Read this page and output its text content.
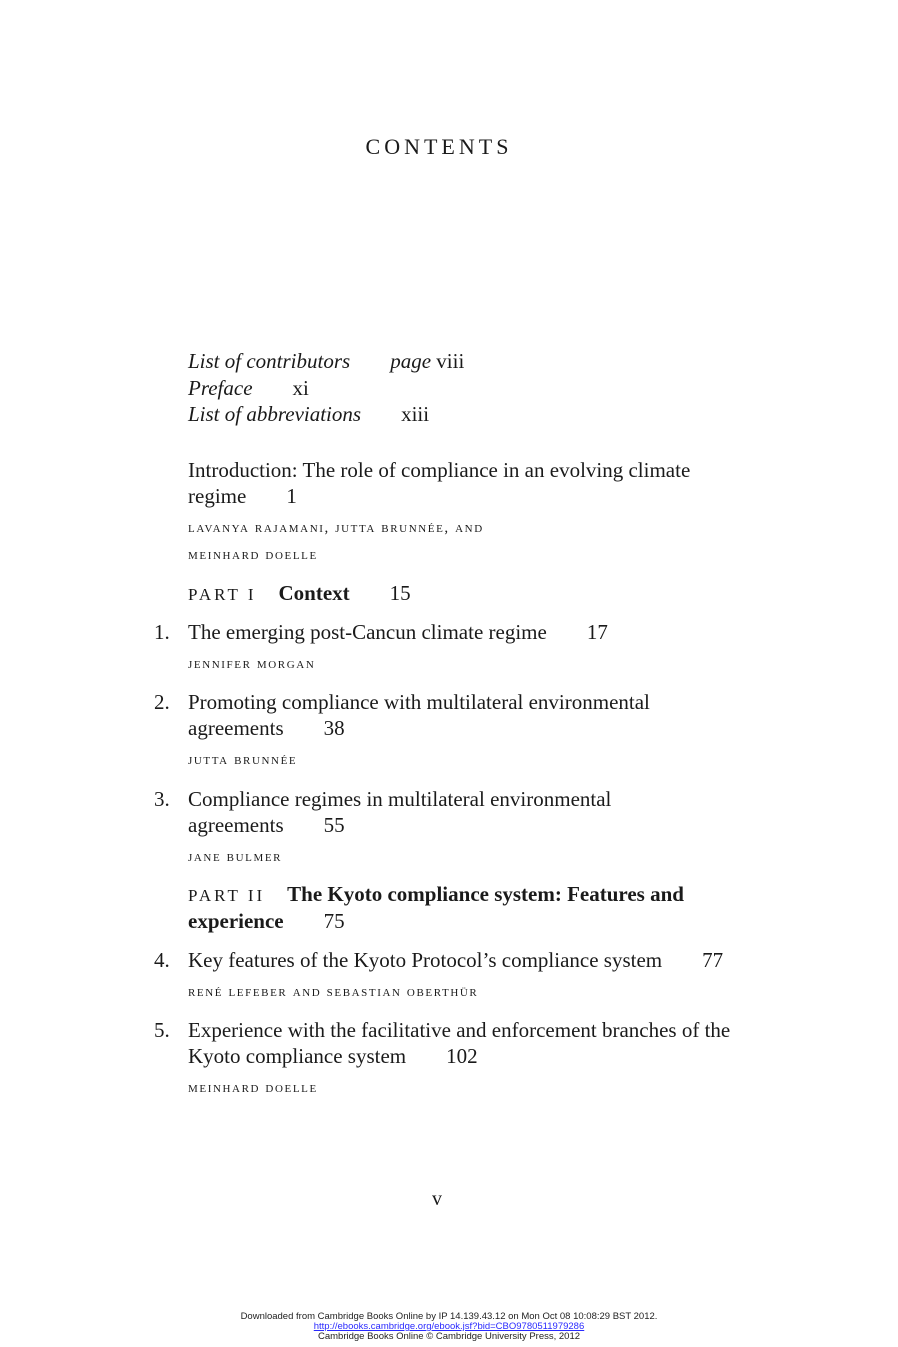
CONTENTS
List of contributors page viii
Preface xi
List of abbreviations xiii
Introduction: The role of compliance in an evolving climate
regime 1
lavanya rajamani, jutta brunnée, and
meinhard doelle
PART I Context 15
1. The emerging post-Cancun climate regime 17
jennifer morgan
2. Promoting compliance with multilateral environmental
agreements 38
jutta brunnée
3. Compliance regimes in multilateral environmental
agreements 55
jane bulmer
PART II The Kyoto compliance system: Features and
experience 75
4. Key features of the Kyoto Protocol’s compliance system 77
rené lefeber and sebastian oberthür
5. Experience with the facilitative and enforcement branches of the
Kyoto compliance system 102
meinhard doelle
v
Downloaded from Cambridge Books Online by IP 14.139.43.12 on Mon Oct 08 10:08:29 BST 2012.
http://ebooks.cambridge.org/ebook.jsf?bid=CBO9780511979286
Cambridge Books Online © Cambridge University Press, 2012
